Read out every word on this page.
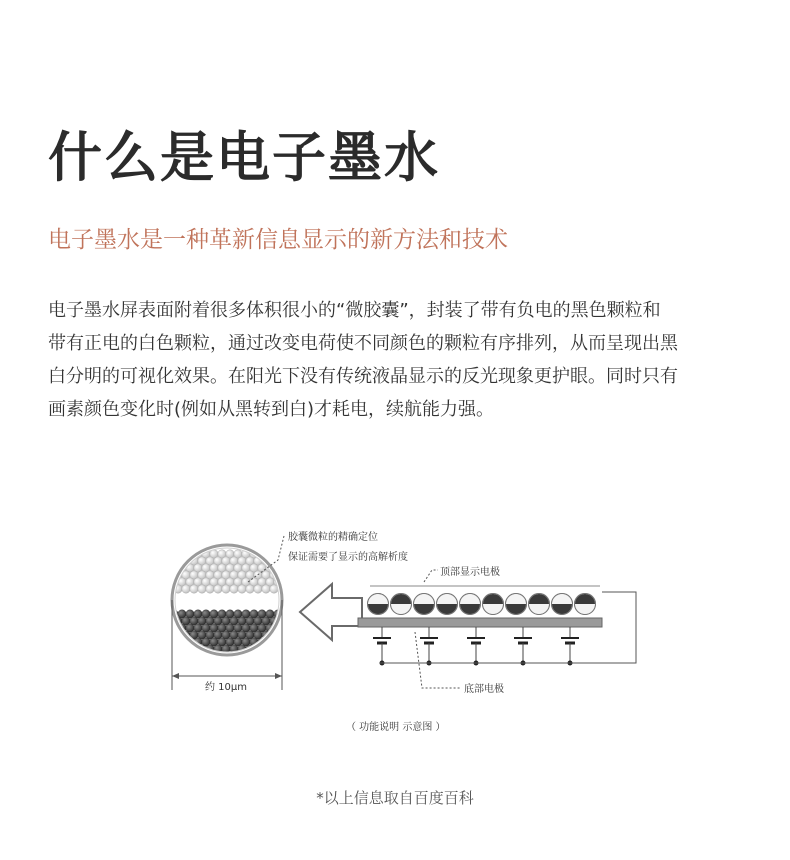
什么是电子墨水
电子墨水是一种革新信息显示的新方法和技术
电子墨水屏表面附着很多体积很小的“微胶囊”，封装了带有负电的黑色颗粒和
带有正电的白色颗粒，通过改变电荷使不同颜色的颗粒有序排列，从而呈现出黑
白分明的可视化效果。在阳光下没有传统液晶显示的反光现象更护眼。同时只有
画素颜色变化时(例如从黑转到白)才耗电，续航能力强。
胶囊微粒的精确定位
保证需要了显示的高解析度
顶部显示电极
底部电极
约 10μm
（ 功能说明 示意图 ）
*以上信息取自百度百科
